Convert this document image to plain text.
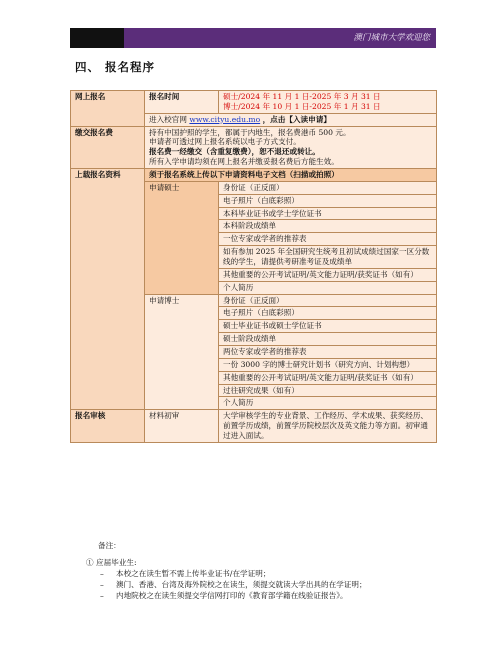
澳门城市大学欢迎您
四、 报名程序
网上报名	报名时间	硕士/2024 年 11 月 1 日-2025 年 3 月 31 日
博士/2024 年 10 月 1 日-2025 年 1 月 31 日

	进入校官网 www.cityu.edu.mo ，点击【入读申请】	
缴交报名费	持有中国护照的学生，都属于内地生，报名费港币 500 元。
申请者可透过网上报名系统以电子方式支付。
报名费一经缴交（含重复缴费），恕不退还或转让。
所有入学申请均须在网上报名并缴妥报名费后方能生效。	

上载报名资料	须于报名系统上传以下申请资料电子文档（扫描或拍照）	
	申请硕士	身份证（正反面）
		电子照片（白底彩照）
		本科毕业证书或学士学位证书
		本科阶段成绩单
		一位专家或学者的推荐表
		如有参加 2025 年全国研究生统考且初试成绩过国家一区分数线的学生，请提供考研准考证及成绩单
		其他重要的公开考试证明/英文能力证明/获奖证书（如有）
		个人简历
	申请博士	身份证（正反面）
		电子照片（白底彩照）
		硕士毕业证书或硕士学位证书
		硕士阶段成绩单
		两位专家或学者的推荐表
		一份 3000 字的博士研究计划书（研究方向、计划构想）
		其他重要的公开考试证明/英文能力证明/获奖证书（如有）
		过往研究成果（如有）
		个人简历
报名审核	材料初审	大学审核学生的专业背景、工作经历、学术成果、获奖经历、前置学历成绩，前置学历院校层次及英文能力等方面。初审通过进入面试。
备注：
① 应届毕业生:
–	本校之在读生暂不需上传毕业证书/在学证明；
–	澳门、香港、台湾及海外院校之在读生，须提交就读大学出具的在学证明；
–	内地院校之在读生须提交学信网打印的《教育部学籍在线验证报告》。
